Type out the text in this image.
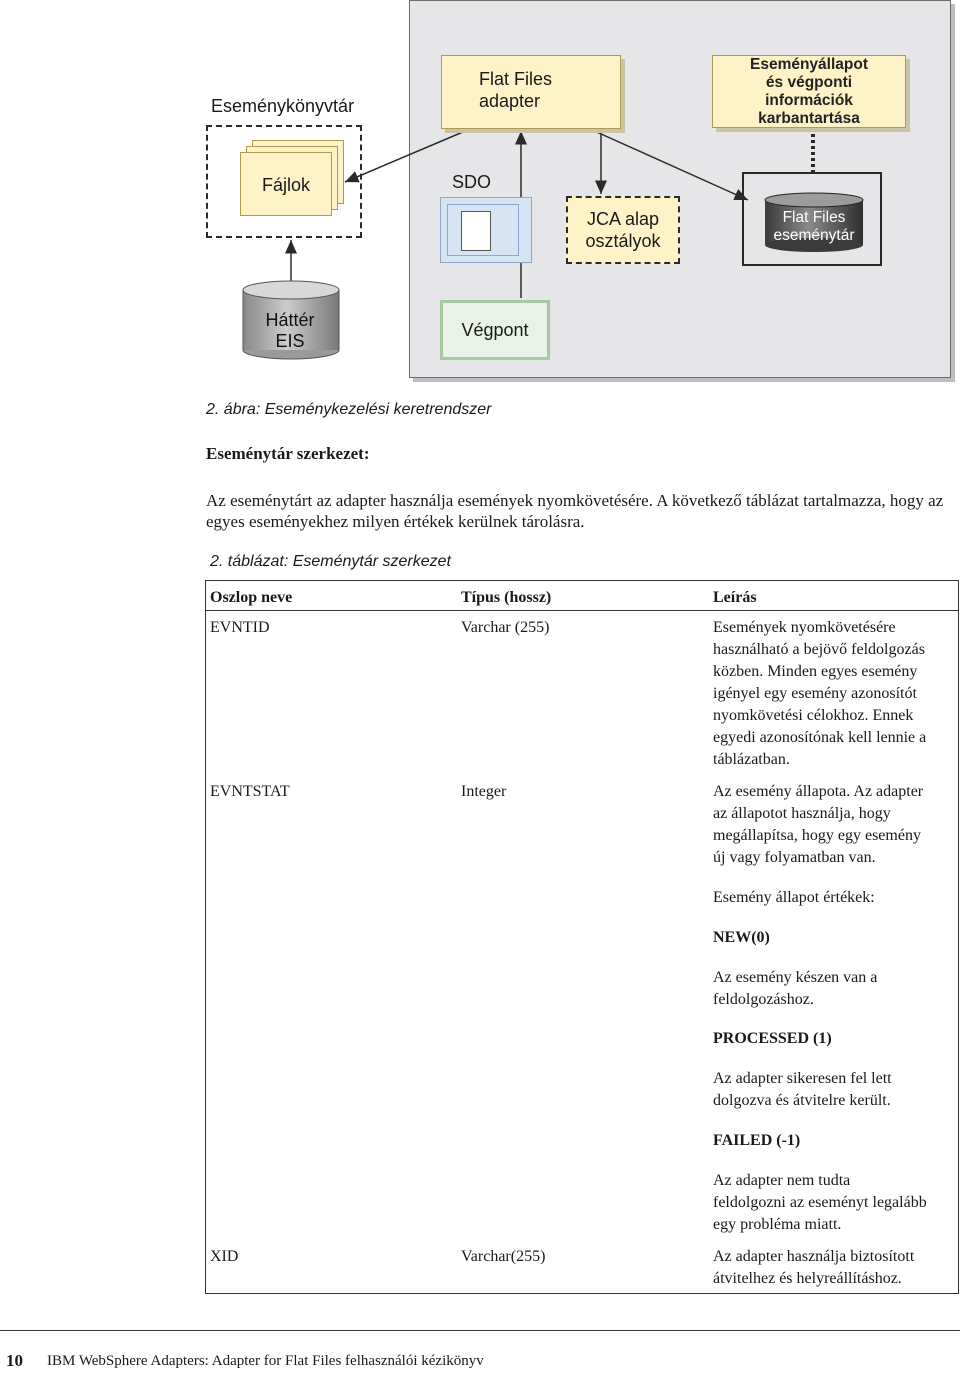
Eseménykönyvtár
Fájlok
Flat Files
adapter
Eseményállapot
és végponti
információk karbantartása
SDO
JCA alap
osztályok
Flat Files
eseménytár
Háttér
EIS
Végpont
2. ábra: Eseménykezelési keretrendszer
Eseménytár szerkezet:
Az eseménytárt az adapter használja események nyomkövetésére. A következő táblázat tartalmazza, hogy az egyes eseményekhez milyen értékek kerülnek tárolásra.
2. táblázat: Eseménytár szerkezet
Oszlop neve	Típus (hossz)	Leírás
EVNTID	Varchar (255)	Események nyomkövetésére
használható a bejövő feldolgozás
közben. Minden egyes esemény
igényel egy esemény azonosítót
nyomkövetési célokhoz. Ennek
egyedi azonosítónak kell lennie a
táblázatban.
EVNTSTAT	Integer	Az esemény állapota. Az adapter
az állapotot használja, hogy
megállapítsa, hogy egy esemény
új vagy folyamatban van.
Esemény állapot értékek:
NEW(0)
Az esemény készen van a
feldolgozáshoz.
PROCESSED (1)
Az adapter sikeresen fel lett
dolgozva és átvitelre került.
FAILED (-1)
Az adapter nem tudta
feldolgozni az eseményt legalább
egy probléma miatt.
XID	Varchar(255)	Az adapter használja biztosított
átvitelhez és helyreállításhoz.
10 IBM WebSphere Adapters: Adapter for Flat Files felhasználói kézikönyv
